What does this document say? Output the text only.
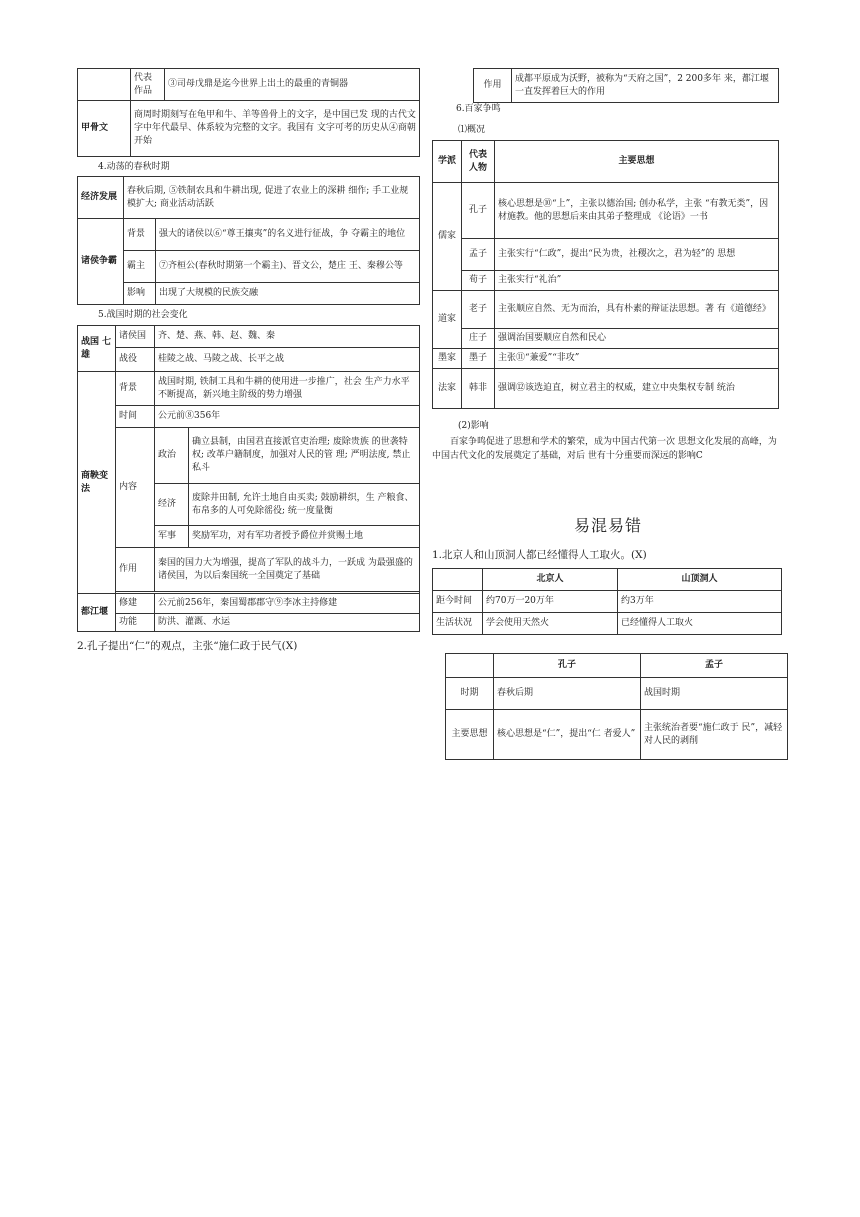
	代表 作品	③司母戊鼎是迄今世界上出土的最重的青铜器
甲骨文	商周时期刻写在龟甲和牛、羊等兽骨上的文字，是中国已发 现的古代文字中年代最早、体系较为完整的文字。我国有 文字可考的历史从④商朝开始	
4.动荡的春秋时期
经济发展	春秋后期, ⑤铁制农具和牛耕出现, 促进了农业上的深耕 细作; 手工业规模扩大; 商业活动活跃	
诸侯争霸	背景	强大的诸侯以⑥“尊王攘夷”的名义进行征战，争 夺霸主的地位
	霸主	⑦齐桓公(春秋时期第一个霸主)、晋文公，楚庄 王、秦穆公等
	影响	出现了大规模的民族交融
5.战国时期的社会变化
战国 七雄	诸侯国	齐、楚、燕、韩、赵、魏、秦	
	战役	桂陵之战、马陵之战、长平之战	
商鞅变法	背景	战国时期, 铁制工具和牛耕的使用进一步推广，社会 生产力水平不断提高，新兴地主阶级的势力增强	
	时间	公元前⑧356年	
	内容	政治	确立县制，由国君直接派官吏治理; 废除贵族 的世袭特权; 改革户籍制度，加强对人民的管 理; 严明法度, 禁止私斗
		经济	废除井田制, 允许土地自由买卖; 鼓励耕织，生 产粮食、布帛多的人可免除徭役; 统一度量衡
		军事	奖励军功，对有军功者授予爵位并赏赐土地
	作用	秦国的国力大为增强，提高了军队的战斗力，一跃成 为最强盛的诸侯国，为以后秦国统一全国奠定了基础	

都江堰	修建	公元前256年，秦国蜀郡郡守⑨李冰主持修建	
	功能	防洪、灌溉、水运	
2.孔子提出“仁”的观点，主张“施仁政于民气(X)
作用	成都平原成为沃野，被称为“天府之国”，2 200多年 来，都江堰一直发挥着巨大的作用
6.百家争鸣
⑴概况
学派	代表人物	主要思想
儒家	孔子	核心思想是⑩“上”，主张以德治国; 创办私学，主张 “有教无类”，因材施教。他的思想后来由其弟子整理成 《论语》一书
	孟子	主张实行“仁政”，提出“民为贵，社稷次之，君为轻”的 思想
	荀子	主张实行“礼治”
道家	老子	主张顺应自然、无为而治，具有朴素的辩证法思想。著 有《道德经》
	庄子	强调治国要顺应自然和民心
墨家	墨子	主张⑪“兼爱”“非攻”
法家	韩非	强调⑫该选迫直，树立君主的权威，建立中央集权专制 统治
(2)影响
百家争鸣促进了思想和学术的繁荣，成为中国古代第一次 思想文化发展的高峰，为中国古代文化的发展奠定了基础，对后 世有十分重要而深远的影响C
易混易错
1.北京人和山顶洞人都已经懂得人工取火。(X)
	北京人	山顶洞人
距今时间	约70万一20万年	约3万年
生活状况	学会使用天然火	已经懂得人工取火
	孔子	孟子
时期	春秋后期	战国时期
主要思想	核心思想是“仁”，提出“仁 者爱人”	主张统治者要“施仁政于 民”，减轻对人民的剥削
